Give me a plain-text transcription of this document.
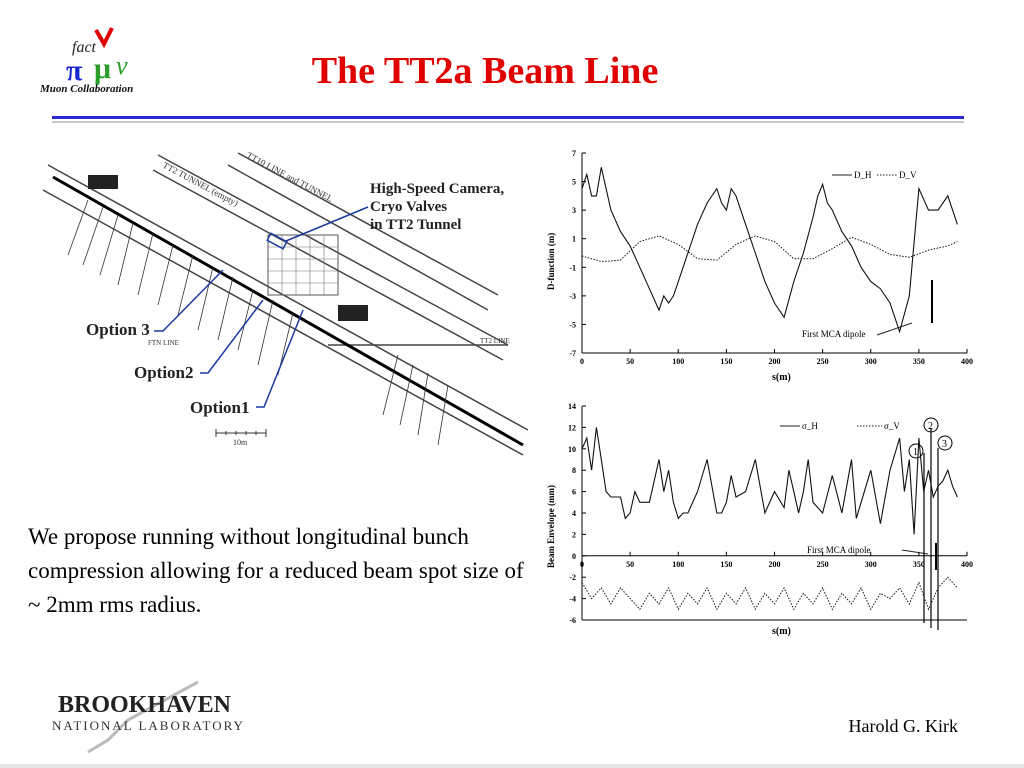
fact
π μ ν
Muon Collaboration	The TT2a Beam Line
High-Speed Camera,
Cryo Valves
in TT2 Tunnel
TT2 TUNNEL (empty) TT10 LINE and TUNNEL
FTN LINE	TT2 LINE
Option 3
Option2
Option1
10m
D-function (m)
s(m)
D_H	D_V
First MCA dipole
7
5
3
1
-1
-3
-5
-7
0	50	100	150	200	250	300	350	400
Beam Envelope (mm)
s(m)
σ_H	σ_V
First MCA dipole
1
2
3
14
12
10
8
6
4
2
0
-2
-4
-6
0	50	100	150	200	250	300	350	400
We propose running without longitudinal bunch compression allowing for a reduced beam spot size of ~ 2mm rms radius.
BROOKHAVEN
NATIONAL LABORATORY	Harold G. Kirk
